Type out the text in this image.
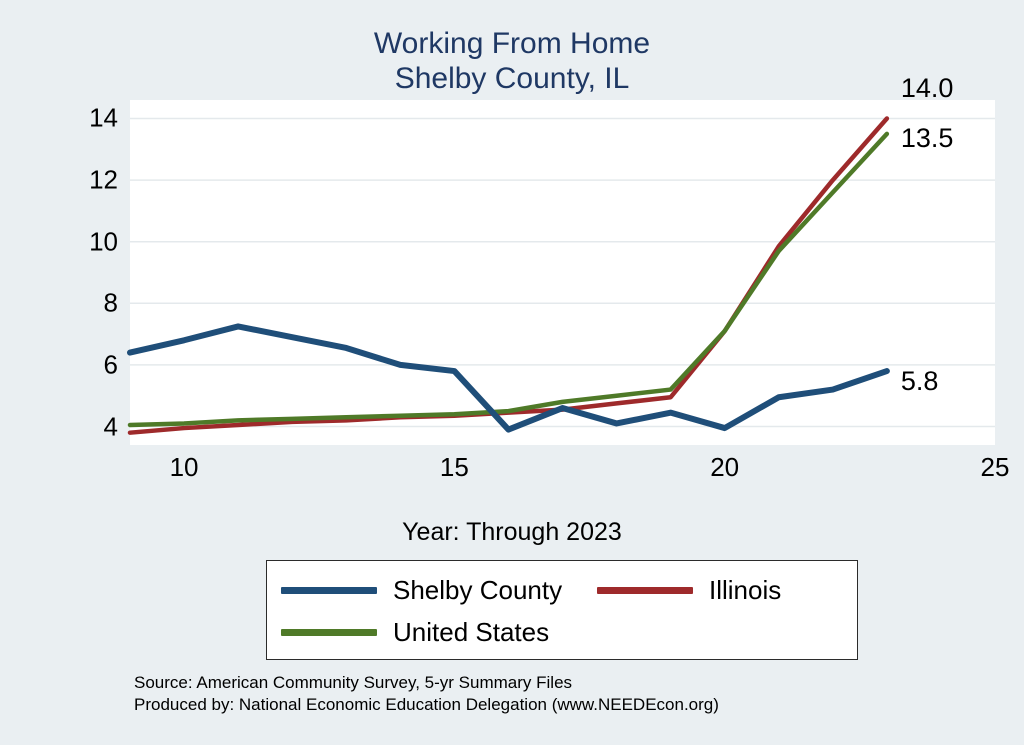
Working From Home
Shelby County, IL
4
6
8
10
12
14
10	15	20	25
Year: Through 2023
14.0
13.5
5.8
Shelby County	Illinois
United States
Source: American Community Survey, 5-yr Summary Files
Produced by: National Economic Education Delegation (www.NEEDEcon.org)
